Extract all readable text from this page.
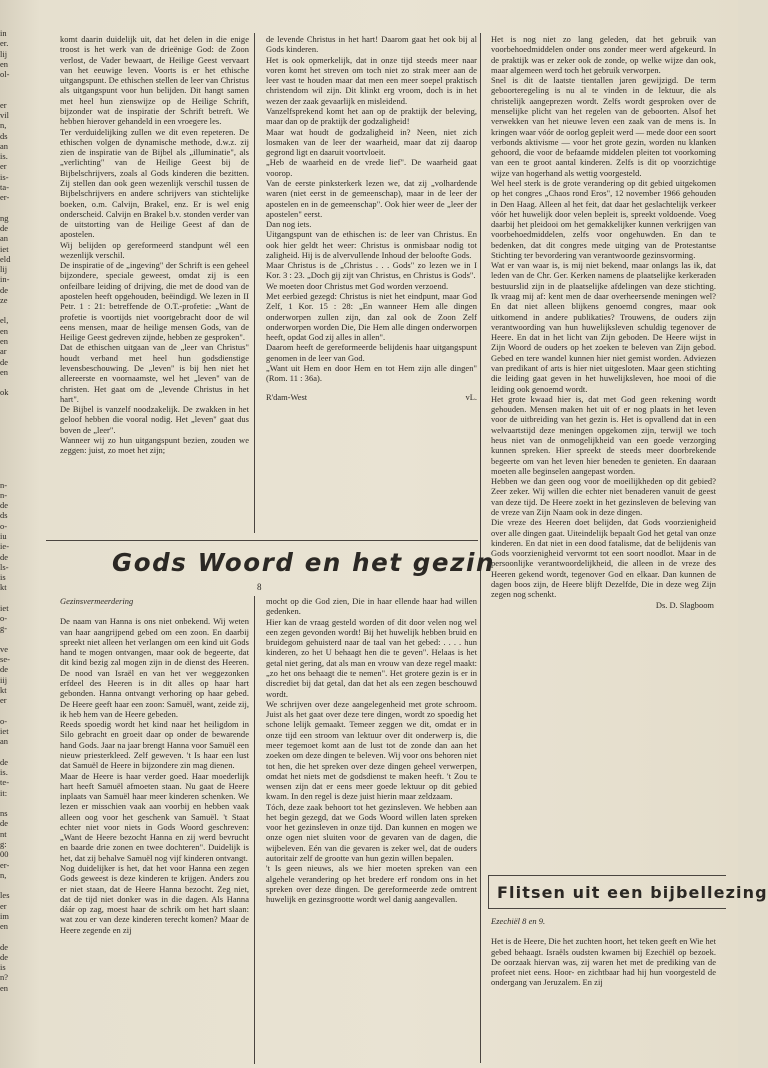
in

er.

lij

en

ol-

er

vil

n,

ds

an

is.

er

is-

ta-

er-

ng

de

an

iet

eld

lij

in-

de

ze

el,

en

en

ar

de

en

ok

n-

n-

de

ds

o-

iu

ie-

de

ls-

is

kt

iet

o-

g-

ve

se-

de

iij

kt

er

o-

iet

an

de

is.

te-

it:

ns

de

nt

g:

00

er-

n,

les

er

im

en

de

de

is

n?

en

komt daarin duidelijk uit, dat het delen in die enige troost is het werk van de drieënige God: de Zoon verlost, de Vader bewaart, de Heilige Geest vervaart van het eeuwige leven. Voorts is er het ethische uitgangspunt. De ethischen stellen de leer van Christus als uitgangspunt voor hun belijden. Dit hangt samen met heel hun zienswijze op de Heilige Schrift, bijzonder wat de inspiratie der Schrift betreft. We hebben hierover gehandeld in een vroegere les.

Ter verduidelijking zullen we dit even repeteren. De ethischen volgen de dynamische methode, d.w.z. zij zien de inspiratie van de Bijbel als „illuminatie", als „verlichting" van de Heilige Geest bij de Bijbelschrijvers, zoals al Gods kinderen die bezitten. Zij stellen dan ook geen wezenlijk verschil tussen de Bijbelschrijvers en andere schrijvers van stichtelijke boeken, o.m. Calvijn, Brakel, enz. Er is wel enig onderscheid. Calvijn en Brakel b.v. stonden verder van de uitstorting van de Heilige Geest af dan de apostelen.

Wij belijden op gereformeerd standpunt wél een wezenlijk verschil.

De inspiratie of de „ingeving" der Schrift is een geheel bijzondere, speciale geweest, omdat zij is een onfeilbare leiding of drijving, die met de dood van de apostelen heeft opgehouden, beëindigd. We lezen in II Petr. 1 : 21: betreffende de O.T.-profetie: „Want de profetie is voortijds niet voortgebracht door de wil eens mensen, maar de heilige mensen Gods, van de Heilige Geest gedreven zijnde, hebben ze gesproken".

Dat de ethischen uitgaan van de „leer van Christus" houdt verband met heel hun godsdienstige levensbeschouwing. De „leven" is bij hen niet het allereerste en voornaamste, wel het „leven" van de christen. Het gaat om de „levende Christus in het hart".

De Bijbel is vanzelf noodzakelijk. De zwakken in het geloof hebben die vooral nodig. Het „leven" gaat dus boven de „leer".

Wanneer wij zo hun uitgangspunt bezien, zouden we zeggen: juist, zo moet het zijn;

de levende Christus in het hart! Daarom gaat het ook bij al Gods kinderen.

Het is ook opmerkelijk, dat in onze tijd steeds meer naar voren komt het streven om toch niet zo strak meer aan de leer vast te houden maar dat men een meer soepel praktisch christendom wil zijn. Dit klinkt erg vroom, doch is in het wezen der zaak gevaarlijk en misleidend.

Vanzelfsprekend komt het aan op de praktijk der beleving, maar dan op de praktijk der godzaligheid!

Maar wat houdt de godzaligheid in? Neen, niet zich losmaken van de leer der waarheid, maar dat zij daarop gegrond ligt en daaruit voortvloeit.

„Heb de waarheid en de vrede lief". De waarheid gaat voorop.

Van de eerste pinksterkerk lezen we, dat zij „volhardende waren (niet eerst in de gemeenschap), maar in de leer der apostelen en in de gemeenschap". Ook hier weer de „leer der apostelen" eerst.

Dan nog iets.

Uitgangspunt van de ethischen is: de leer van Christus. En ook hier geldt het weer: Christus is onmisbaar nodig tot zaligheid. Hij is de alvervullende Inhoud der beloofte Gods.

Maar Christus is de „Christus . . . Gods" zo lezen we in I Kor. 3 : 23. „Doch gij zijt van Christus, en Christus is Gods".

We moeten door Christus met God worden verzoend.

Met eerbied gezegd: Christus is niet het eindpunt, maar God Zelf, 1 Kor. 15 : 28: „En wanneer Hem alle dingen onderworpen zullen zijn, dan zal ook de Zoon Zelf onderworpen worden Die, Die Hem alle dingen onderworpen heeft, opdat God zij alles in allen".

Daarom heeft de gereformeerde belijdenis haar uitgangspunt genomen in de leer van God.

„Want uit Hem en door Hem en tot Hem zijn alle dingen" (Rom. 11 : 36a).

R'dam-West	vL.

Het is nog niet zo lang geleden, dat het gebruik van voorbehoedmiddelen onder ons zonder meer werd afgekeurd. In de praktijk was er zeker ook de zonde, op welke wijze dan ook, maar algemeen werd toch het gebruik verworpen.

Snel is dit de laatste tientallen jaren gewijzigd. De term geboorteregeling is nu al te vinden in de lektuur, die als christelijk aangeprezen wordt. Zelfs wordt gesproken over de menselijke plicht van het regelen van de geboorten. Alsof het verwekken van het nieuwe leven een zaak van de mens is. In kringen waar vóór de oorlog gepleit werd — mede door een soort verbonds aktivisme — voor het grote gezin, worden nu klanken gehoord, die voor de befaamde middelen pleiten tot voorkoming van een te groot aantal kinderen. Zelfs is dit op voorzichtige wijze van hogerhand als wettig voorgesteld.

Wel heel sterk is de grote verandering op dit gebied uitgekomen op het congres „Chaos rond Eros", 12 november 1966 gehouden in Den Haag. Alleen al het feit, dat daar het geslachtelijk verkeer vóór het huwelijk door velen bepleit is, spreekt voldoende. Voeg daarbij het pleidooi om het gemakkelijker kunnen verkrijgen van voorbehoedmiddelen, zelfs voor ongehuwden. En dan te bedenken, dat dit congres mede uitging van de Protestantse Stichting ter bevordering van verantwoorde gezinsvorming.

Wat er van waar is, is mij niet bekend, maar onlangs las ik, dat leden van de Chr. Ger. Kerken namens de plaatselijke kerkeraden bestuurslid zijn in de plaatselijke afdelingen van deze stichting. Ik vraag mij af: kent men de daar overheersende meningen wel? En dat niet alleen blijkens genoemd congres, maar ook uitkomend in andere publikaties? Trouwens, de ouders zijn verantwoording van hun huwelijksleven schuldig tegenover de Heere. En dat in het licht van Zijn geboden. De Heere wijst in Zijn Woord de ouders op het zoeken te beleven van Zijn gebod. Gebed en tere wandel kunnen hier niet gemist worden. Adviezen van predikant of arts is hier niet uitgesloten. Maar geen stichting die leiding gaat geven in het huwelijksleven, hoe mooi of die leiding ook genoemd wordt.

Het grote kwaad hier is, dat met God geen rekening wordt gehouden. Mensen maken het uit of er nog plaats in het leven voor de uitbreiding van het gezin is. Het is opvallend dat in een welvaartstijd deze meningen opgekomen zijn, terwijl we toch heus niet van de onmogelijkheid van een goede verzorging kunnen spreken. Hier spreekt de steeds meer doorbrekende begeerte om van het leven hier beneden te genieten. En daaraan moeten alle beginselen aangepast worden.

Hebben we dan geen oog voor de moeilijkheden op dit gebied? Zeer zeker. Wij willen die echter niet benaderen vanuit de geest van deze tijd. De Heere zoekt in het gezinsleven de beleving van de vreze van Zijn Naam ook in deze dingen.

Die vreze des Heeren doet belijden, dat Gods voorzienigheid over alle dingen gaat. Uiteindelijk bepaalt God het getal van onze kinderen. En dat niet in een dood fatalisme, dat de belijdenis van Gods voorzienigheid vervormt tot een soort noodlot. Maar in de persoonlijke verantwoordelijkheid, die alleen in de vreze des Heeren gekend wordt, tegenover God en elkaar. Dan kunnen de dagen boos zijn, de Heere blijft Dezelfde, Die in deze weg Zijn zegen nog schenkt.

Ds. D. Slagboom
Gods Woord en het gezin
8

Gezinsvermeerdering

De naam van Hanna is ons niet onbekend. Wij weten van haar aangrijpend gebed om een zoon. En daarbij spreekt niet alleen het verlangen om een kind uit Gods hand te mogen ontvangen, maar ook de begeerte, dat dit kind bezig zal mogen zijn in de dienst des Heeren. De nood van Israël en van het ver weggezonken erfdeel des Heeren is in dit alles op haar hart gebonden. Hanna ontvangt verhoring op haar gebed. De Heere geeft haar een zoon: Samuël, want, zeide zij, ik heb hem van de Heere gebeden.

Reeds spoedig wordt het kind naar het heiligdom in Silo gebracht en groeit daar op onder de bewarende hand Gods. Jaar na jaar brengt Hanna voor Samuël een nieuw priesterkleed. Zelf geweven. 't Is haar een lust dat Samuël de Heere in bijzondere zin mag dienen.

Maar de Heere is haar verder goed. Haar moederlijk hart heeft Samuël afmoeten staan. Nu gaat de Heere inplaats van Samuël haar meer kinderen schenken. We lezen er misschien vaak aan voorbij en hebben vaak alleen oog voor het geschenk van Samuël. 't Staat echter niet voor niets in Gods Woord geschreven: „Want de Heere bezocht Hanna en zij werd bevrucht en baarde drie zonen en twee dochteren". Duidelijk is het, dat zij behalve Samuël nog vijf kinderen ontvangt.

Nog duidelijker is het, dat het voor Hanna een zegen Gods geweest is deze kinderen te krijgen. Anders zou er niet staan, dat de Heere Hanna bezocht. Zeg niet, dat de tijd niet donker was in die dagen. Als Hanna dáár op zag, moest haar de schrik om het hart slaan: wat zou er van deze kinderen terecht komen? Maar de Heere zegende en zij

mocht op die God zien, Die in haar ellende haar had willen gedenken.

Hier kan de vraag gesteld worden of dit door velen nog wel een zegen gevonden wordt! Bij het huwelijk hebben bruid en bruidegom gehuisterd naar de taal van het gebed: . . . . hun kinderen, zo het U behaagt hen die te geven". Helaas is het getal niet gering, dat als man en vrouw van deze regel maakt: „zo het ons behaagt die te nemen". Het grotere gezin is er in discrediet bij dat getal, dan dat het als een zegen beschouwd wordt.

We schrijven over deze aangelegenheid met grote schroom. Juist als het gaat over deze tere dingen, wordt zo spoedig het schone lelijk gemaakt. Temeer zeggen we dit, omdat er in onze tijd een stroom van lektuur over dit onderwerp is, die meer tegemoet komt aan de lust tot de zonde dan aan het zoeken om deze dingen te beleven. Wij voor ons behoren niet tot hen, die het spreken over deze dingen geheel verwerpen, omdat het niets met de godsdienst te maken heeft. 't Zou te wensen zijn dat er eens meer goede lektuur op dit gebied kwam. In den regel is deze juist hierin maar zeldzaam.

Tóch, deze zaak behoort tot het gezinsleven. We hebben aan het begin gezegd, dat we Gods Woord willen laten spreken voor het gezinsleven in onze tijd. Dan kunnen en mogen we onze ogen niet sluiten voor de gevaren van de dagen, die wijbeleven. Eén van die gevaren is zeker wel, dat de ouders autoritair zelf de grootte van hun gezin willen bepalen.

't Is geen nieuws, als we hier moeten spreken van een algehele verandering op het bredere erf rondom ons in het spreken over deze dingen. De gereformeerde zede omtrent huwelijk en gezinsgrootte wordt wel danig aangevallen.	Flitsen uit een bijbellezing

Ezechiël 8 en 9.

Het is de Heere, Die het zuchten hoort, het teken geeft en Wie het gebed behaagt. Israëls oudsten kwamen bij Ezechiël op bezoek. De oorzaak hiervan was, zij waren het met de prediking van de profeet niet eens. Hoor- en zichtbaar had hij hun voorgesteld de ondergang van Jeruzalem. En zij
